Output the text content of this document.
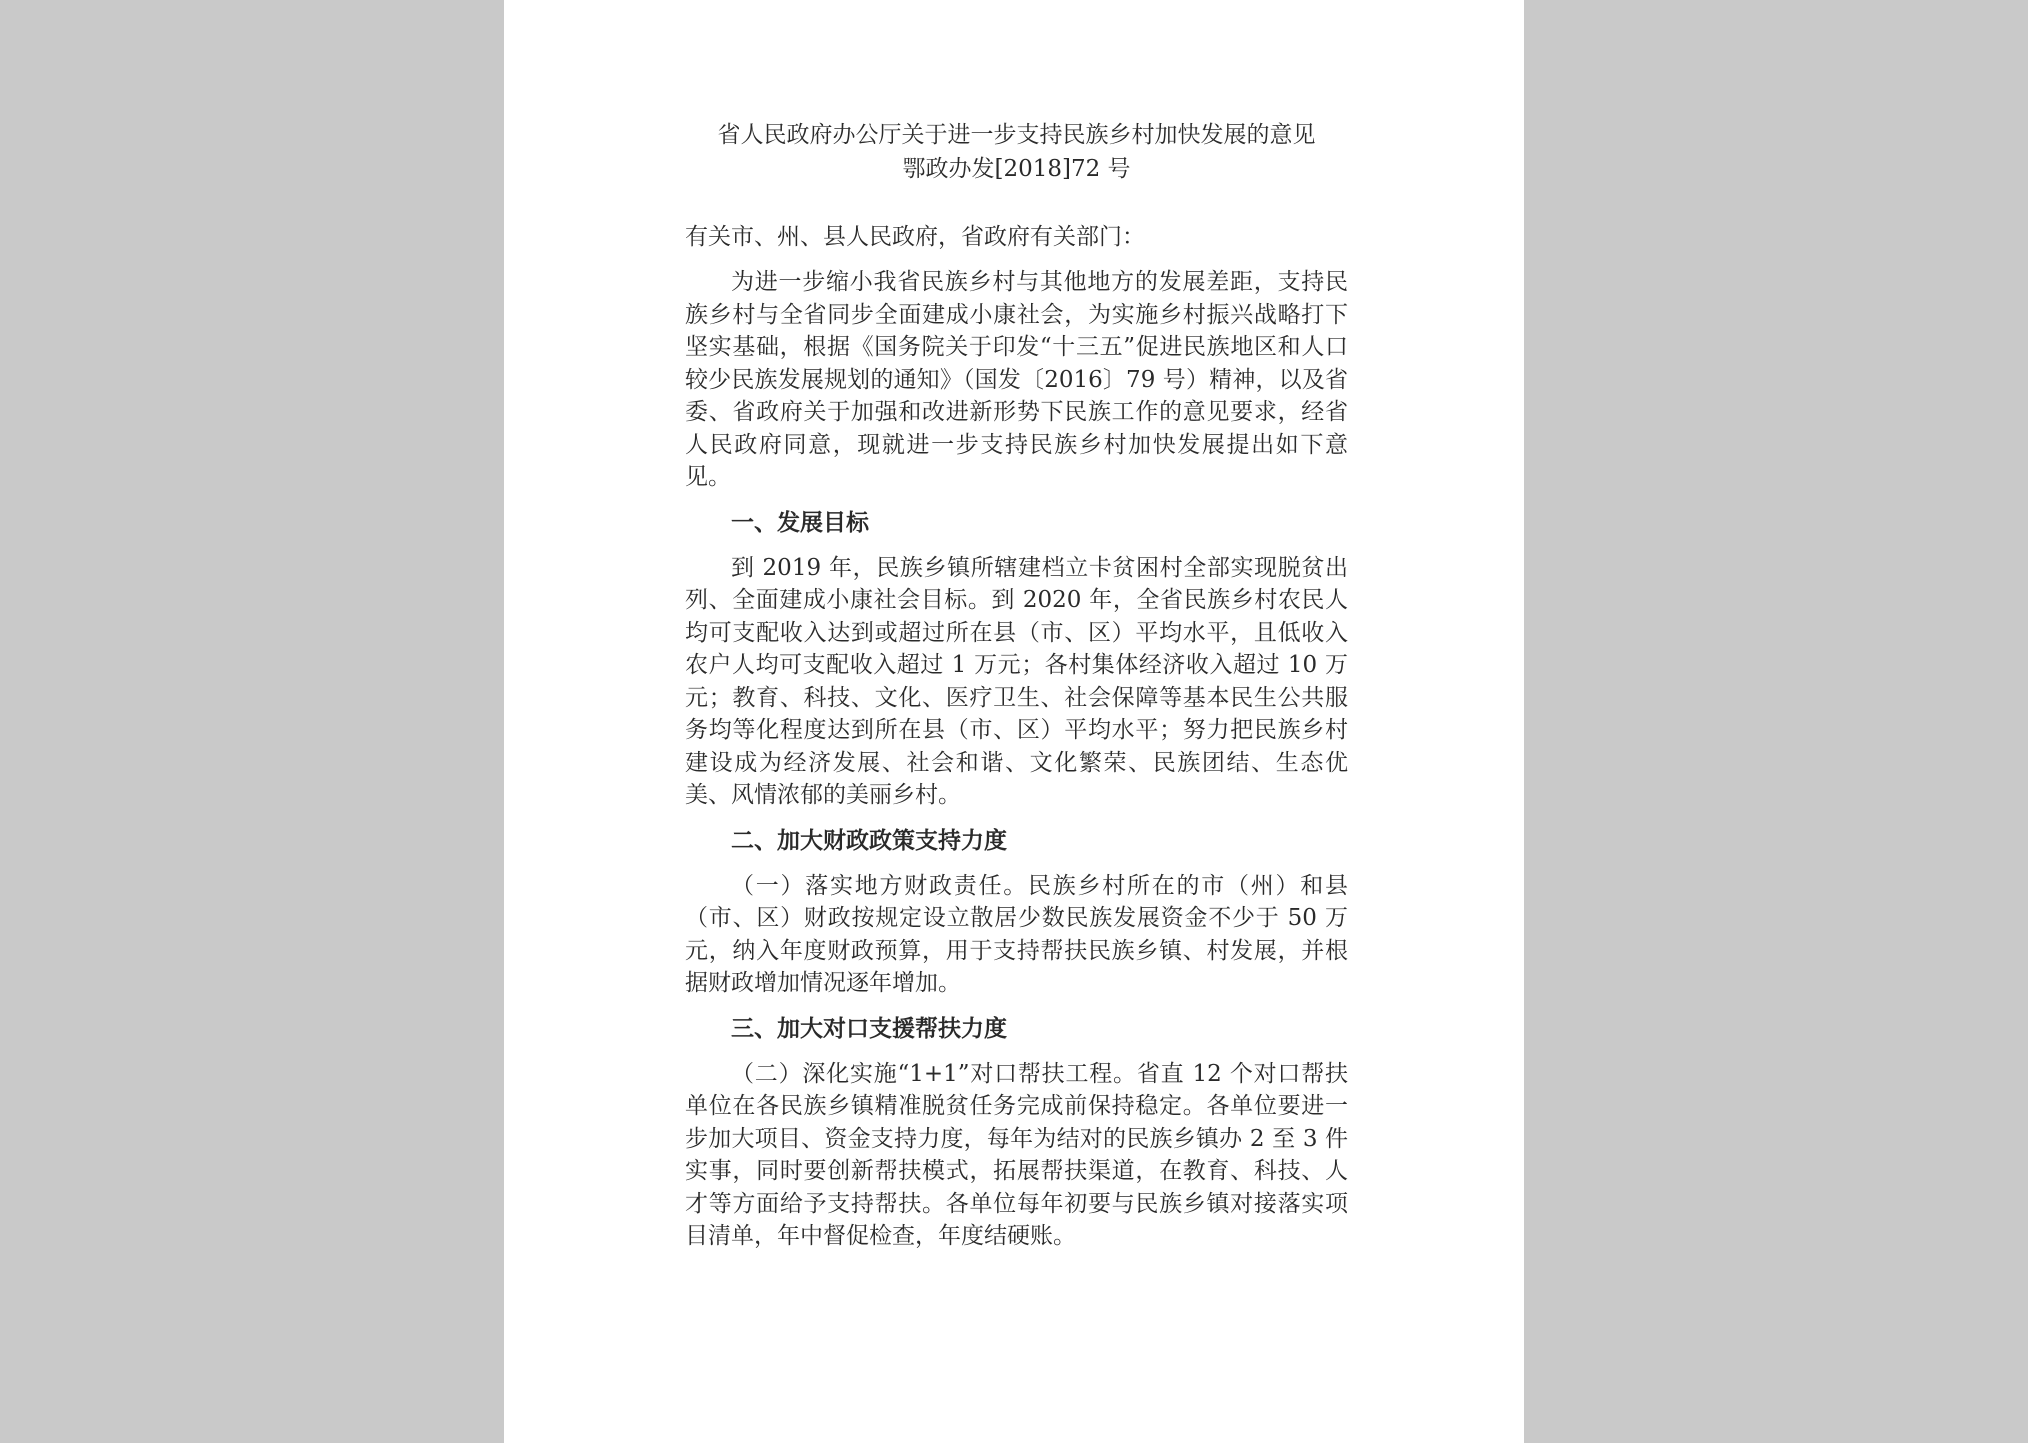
省人民政府办公厅关于进一步支持民族乡村加快发展的意见

鄂政办发[2018]72 号

有关市、州、县人民政府，省政府有关部门：

为进一步缩小我省民族乡村与其他地方的发展差距，支持民族乡村与全省同步全面建成小康社会，为实施乡村振兴战略打下坚实基础，根据《国务院关于印发“十三五”促进民族地区和人口较少民族发展规划的通知》（国发〔2016〕79 号）精神，以及省委、省政府关于加强和改进新形势下民族工作的意见要求，经省人民政府同意，现就进一步支持民族乡村加快发展提出如下意见。

一、发展目标

到 2019 年，民族乡镇所辖建档立卡贫困村全部实现脱贫出列、全面建成小康社会目标。到 2020 年，全省民族乡村农民人均可支配收入达到或超过所在县（市、区）平均水平，且低收入农户人均可支配收入超过 1 万元；各村集体经济收入超过 10 万元；教育、科技、文化、医疗卫生、社会保障等基本民生公共服务均等化程度达到所在县（市、区）平均水平；努力把民族乡村建设成为经济发展、社会和谐、文化繁荣、民族团结、生态优美、风情浓郁的美丽乡村。

二、加大财政政策支持力度

（一）落实地方财政责任。民族乡村所在的市（州）和县（市、区）财政按规定设立散居少数民族发展资金不少于 50 万元，纳入年度财政预算，用于支持帮扶民族乡镇、村发展，并根据财政增加情况逐年增加。

三、加大对口支援帮扶力度

（二）深化实施“1+1”对口帮扶工程。省直 12 个对口帮扶单位在各民族乡镇精准脱贫任务完成前保持稳定。各单位要进一步加大项目、资金支持力度，每年为结对的民族乡镇办 2 至 3 件实事，同时要创新帮扶模式，拓展帮扶渠道，在教育、科技、人才等方面给予支持帮扶。各单位每年初要与民族乡镇对接落实项目清单，年中督促检查，年度结硬账。
